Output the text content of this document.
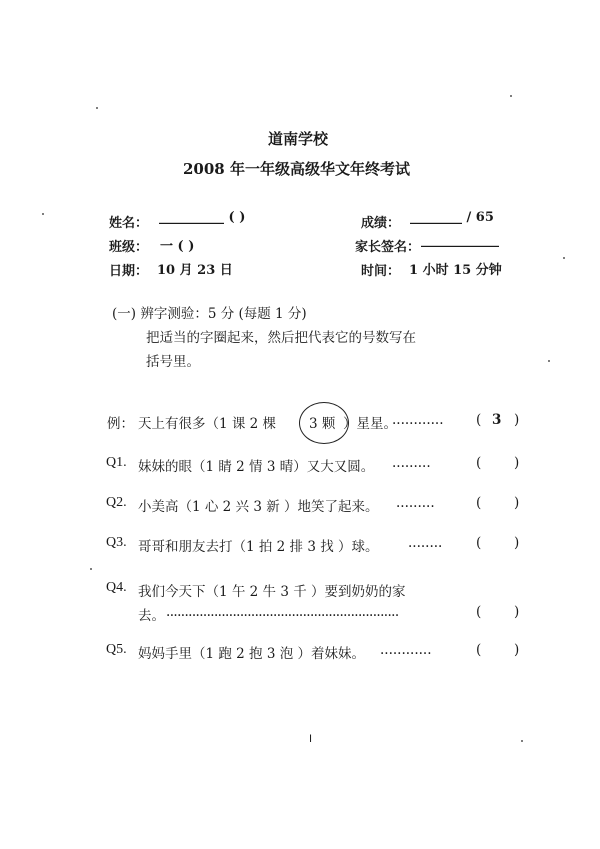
道南学校
2008 年一年级高级华文年终考试
姓名： __________ ( )	成绩： ________ / 65
班级： 一 ( )	家长签名： ____________
日期： 10 月 23 日	时间： 1 小时 15 分钟
(一) 辨字测验：5 分 (每题 1 分)
把适当的字圈起来，然后把代表它的号数写在
括号里。
例： 天上有很多（1 课 2 棵 3 颗 ）星星。
............ ( 3 )
Q1. 妹妹的眼（1 睛 2 情 3 晴）又大又圆。 .........	( )
Q2. 小美高（1 心 2 兴 3 新 ）地笑了起来。 .........	( )
Q3. 哥哥和朋友去打（1 拍 2 排 3 找 ）球。 ........ ( )
Q4. 我们今天下（1 午 2 牛 3 千 ）要到奶奶的家
去。 ...............................................................	( )
Q5. 妈妈手里（1 跑 2 抱 3 泡 ）着妹妹。 ............	( )
I
